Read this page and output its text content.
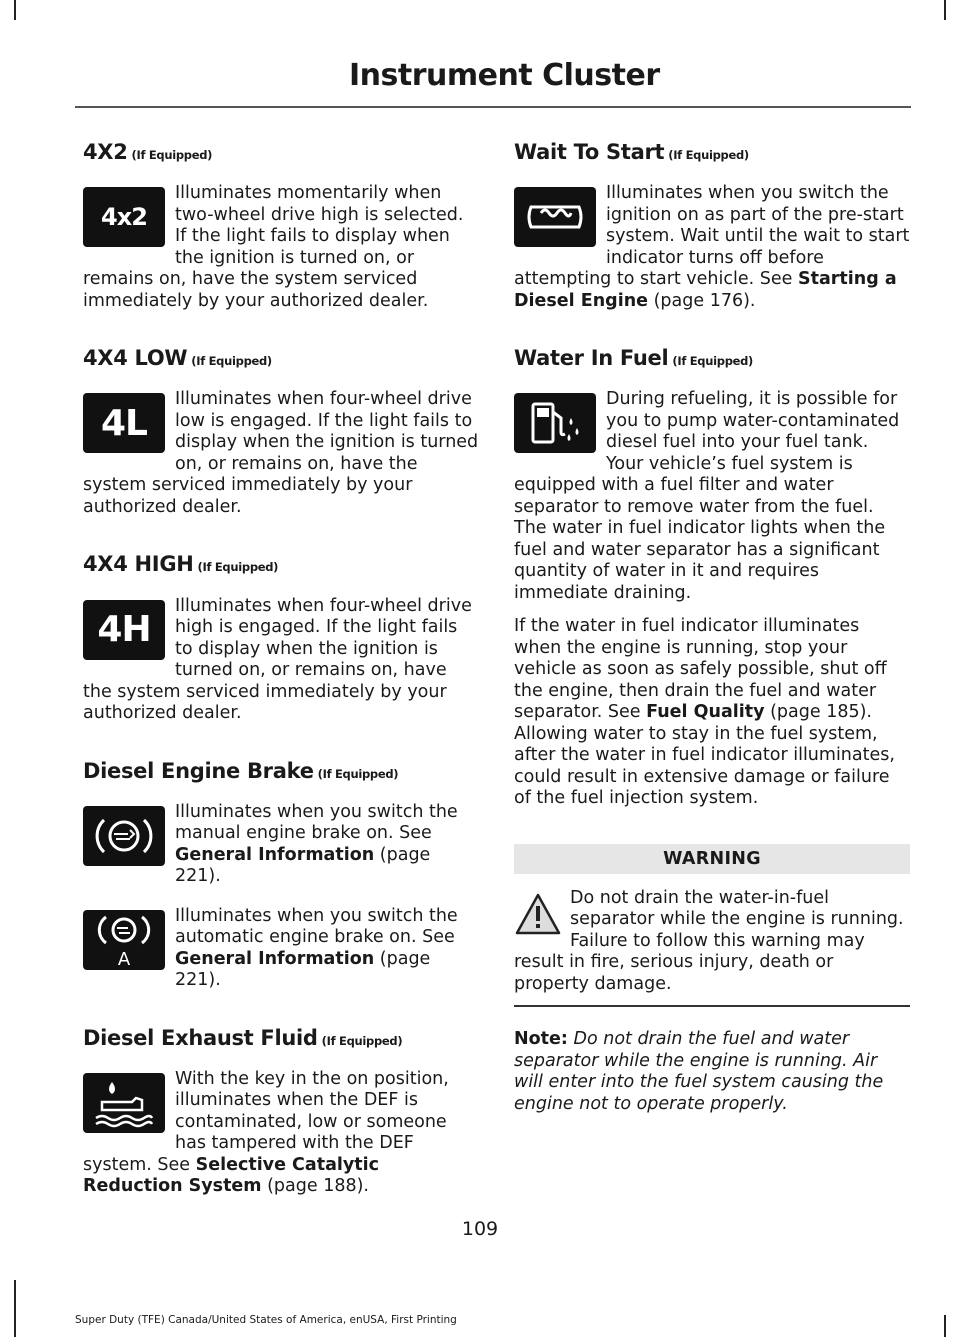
Instrument Cluster
4X2 (If Equipped)
4x2

Illuminates momentarily when two-wheel drive high is selected. If the light fails to display when the ignition is turned on, or remains on, have the system serviced immediately by your authorized dealer.

4X4 LOW (If Equipped)
4L

Illuminates when four-wheel drive low is engaged. If the light fails to display when the ignition is turned on, or remains on, have the system serviced immediately by your authorized dealer.

4X4 HIGH (If Equipped)
4H

Illuminates when four-wheel drive high is engaged. If the light fails to display when the ignition is turned on, or remains on, have the system serviced immediately by your authorized dealer.

Diesel Engine Brake (If Equipped)

Illuminates when you switch the manual engine brake on. See General Information (page 221).

A

Illuminates when you switch the automatic engine brake on. See General Information (page 221).

Diesel Exhaust Fluid (If Equipped)

With the key in the on position, illuminates when the DEF is contaminated, low or someone has tampered with the DEF system. See Selective Catalytic Reduction System (page 188).

Wait To Start (If Equipped)

Illuminates when you switch the ignition on as part of the pre-start system. Wait until the wait to start indicator turns off before attempting to start vehicle. See Starting a Diesel Engine (page 176).

Water In Fuel (If Equipped)

During refueling, it is possible for you to pump water-contaminated diesel fuel into your fuel tank. Your vehicle’s fuel system is equipped with a fuel filter and water separator to remove water from the fuel. The water in fuel indicator lights when the fuel and water separator has a significant quantity of water in it and requires immediate draining.

If the water in fuel indicator illuminates when the engine is running, stop your vehicle as soon as safely possible, shut off the engine, then drain the fuel and water separator. See Fuel Quality (page 185).

Allowing water to stay in the fuel system, after the water in fuel indicator illuminates, could result in extensive damage or failure of the fuel injection system.

WARNING

Do not drain the water-in-fuel separator while the engine is running. Failure to follow this warning may result in fire, serious injury, death or property damage.

Note: Do not drain the fuel and water separator while the engine is running. Air will enter into the fuel system causing the engine not to operate properly.
109
Super Duty (TFE) Canada/United States of America, enUSA, First Printing
